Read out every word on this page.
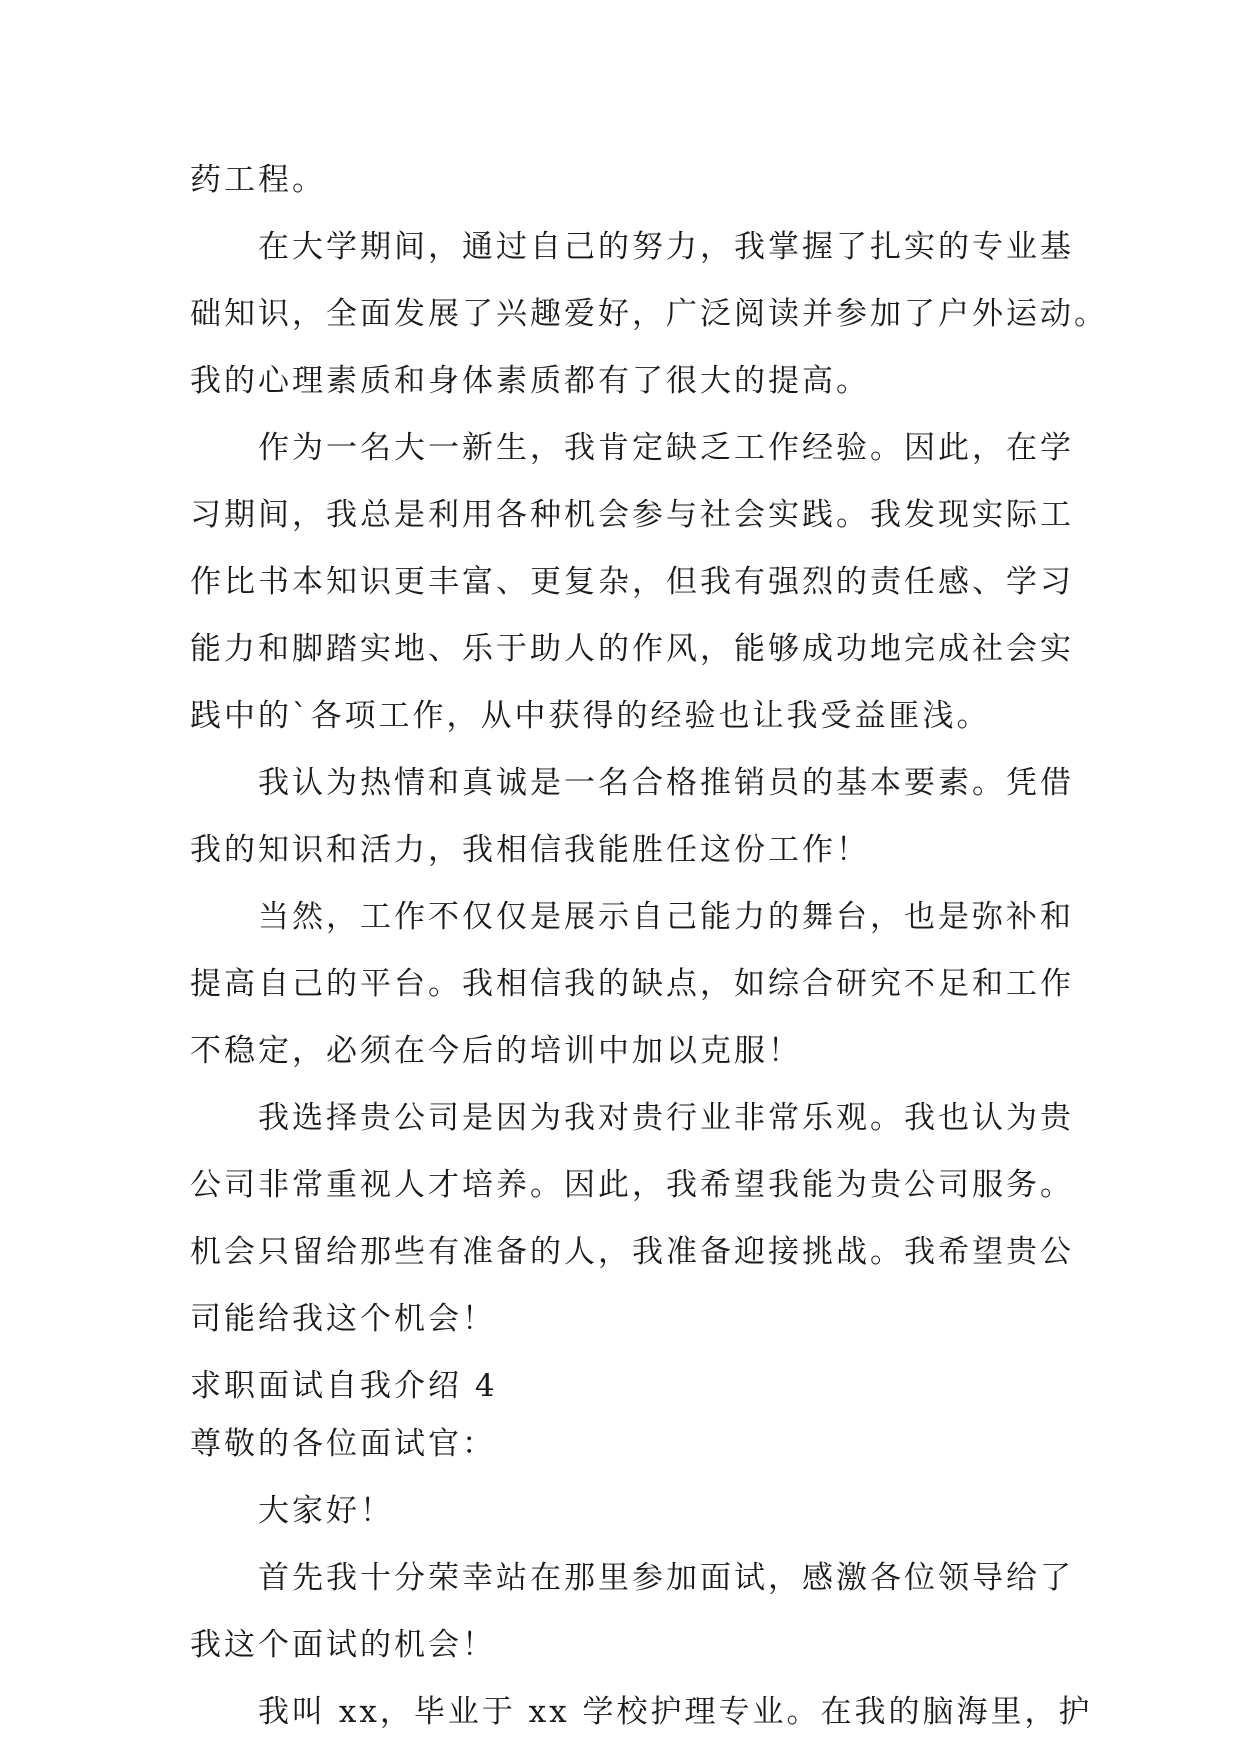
药工程。
在大学期间，通过自己的努力，我掌握了扎实的专业基
础知识，全面发展了兴趣爱好，广泛阅读并参加了户外运动。
我的心理素质和身体素质都有了很大的提高。
作为一名大一新生，我肯定缺乏工作经验。因此，在学
习期间，我总是利用各种机会参与社会实践。我发现实际工
作比书本知识更丰富、更复杂，但我有强烈的责任感、学习
能力和脚踏实地、乐于助人的作风，能够成功地完成社会实
践中的`各项工作，从中获得的经验也让我受益匪浅。
我认为热情和真诚是一名合格推销员的基本要素。凭借
我的知识和活力，我相信我能胜任这份工作！
当然，工作不仅仅是展示自己能力的舞台，也是弥补和
提高自己的平台。我相信我的缺点，如综合研究不足和工作
不稳定，必须在今后的培训中加以克服！
我选择贵公司是因为我对贵行业非常乐观。我也认为贵
公司非常重视人才培养。因此，我希望我能为贵公司服务。
机会只留给那些有准备的人，我准备迎接挑战。我希望贵公
司能给我这个机会！
求职面试自我介绍 4
尊敬的各位面试官：
大家好！
首先我十分荣幸站在那里参加面试，感激各位领导给了
我这个面试的机会！
我叫 xx，毕业于 xx 学校护理专业。在我的脑海里，护
